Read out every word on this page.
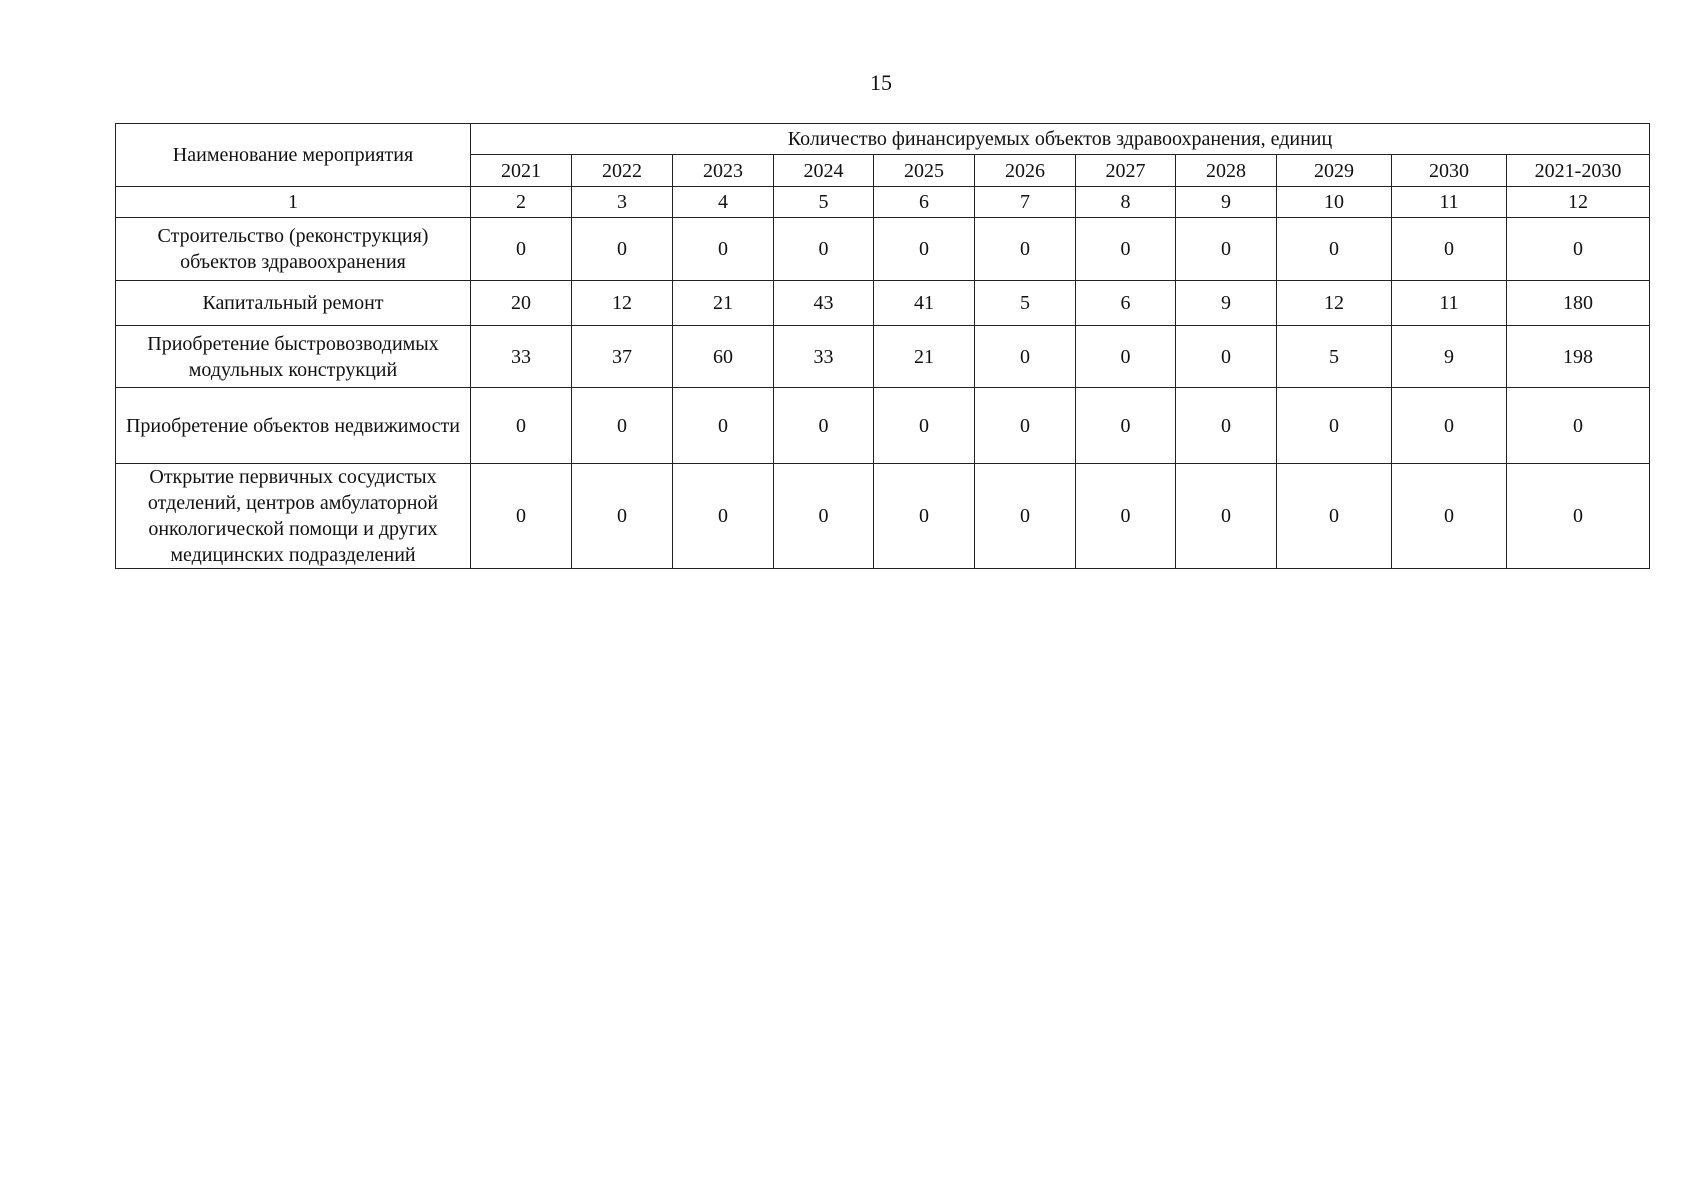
15
Наименование мероприятия	Количество финансируемых объектов здравоохранения, единиц										
	2021	2022	2023	2024	2025	2026	2027	2028	2029	2030	2021-2030
1	2	3	4	5	6	7	8	9	10	11	12
Строительство (реконструкция) объектов здравоохранения	0	0	0	0	0	0	0	0	0	0	0
Капитальный ремонт	20	12	21	43	41	5	6	9	12	11	180
Приобретение быстровозводимых модульных конструкций	33	37	60	33	21	0	0	0	5	9	198
Приобретение объектов недвижимости	0	0	0	0	0	0	0	0	0	0	0
Открытие первичных сосудистых отделений, центров амбулаторной онкологической помощи и других медицинских подразделений	0	0	0	0	0	0	0	0	0	0	0
